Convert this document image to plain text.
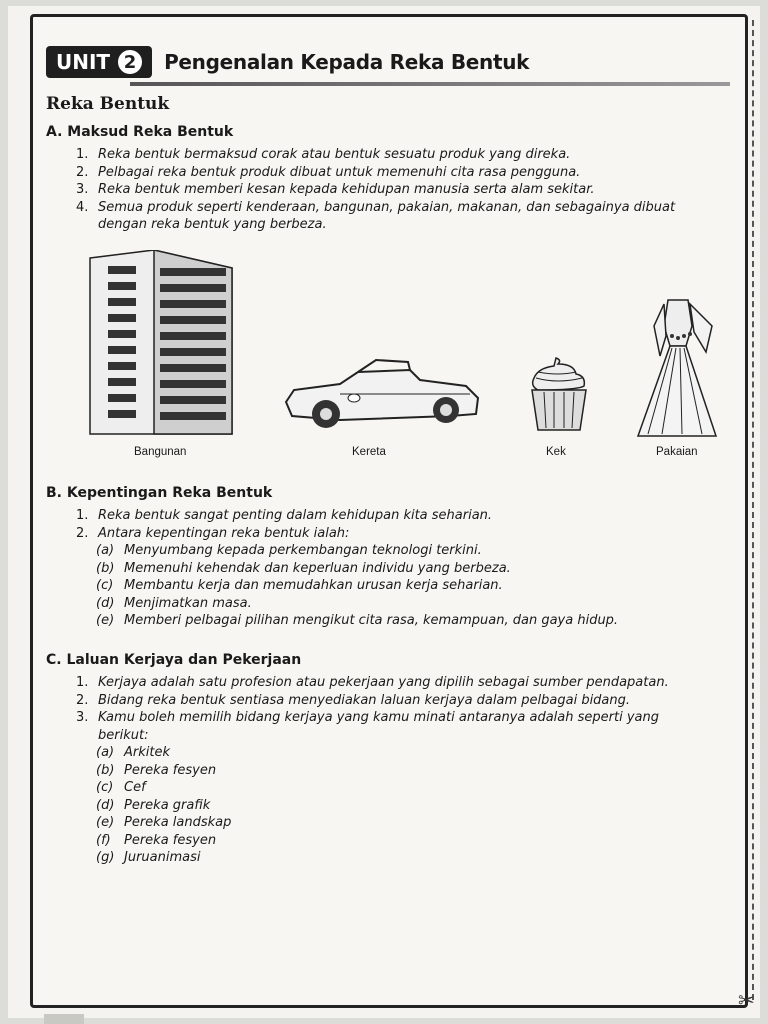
✂
UNIT 2	Pengenalan Kepada Reka Bentuk
Reka Bentuk
A. Maksud Reka Bentuk
1. Reka bentuk bermaksud corak atau bentuk sesuatu produk yang direka.
2. Pelbagai reka bentuk produk dibuat untuk memenuhi cita rasa pengguna.
3. Reka bentuk memberi kesan kepada kehidupan manusia serta alam sekitar.
4. Semua produk seperti kenderaan, bangunan, pakaian, makanan, dan sebagainya dibuat
dengan reka bentuk yang berbeza.
Bangunan	Kereta	Kek	Pakaian
B. Kepentingan Reka Bentuk
1. Reka bentuk sangat penting dalam kehidupan kita seharian.
2. Antara kepentingan reka bentuk ialah:
(a) Menyumbang kepada perkembangan teknologi terkini.
(b) Memenuhi kehendak dan keperluan individu yang berbeza.
(c) Membantu kerja dan memudahkan urusan kerja seharian.
(d) Menjimatkan masa.
(e) Memberi pelbagai pilihan mengikut cita rasa, kemampuan, dan gaya hidup.
C. Laluan Kerjaya dan Pekerjaan
1. Kerjaya adalah satu profesion atau pekerjaan yang dipilih sebagai sumber pendapatan.
2. Bidang reka bentuk sentiasa menyediakan laluan kerjaya dalam pelbagai bidang.
3. Kamu boleh memilih bidang kerjaya yang kamu minati antaranya adalah seperti yang
berikut:
(a) Arkitek
(b) Pereka fesyen
(c) Cef
(d) Pereka grafik
(e) Pereka landskap
(f)	Pereka fesyen
(g) Juruanimasi
